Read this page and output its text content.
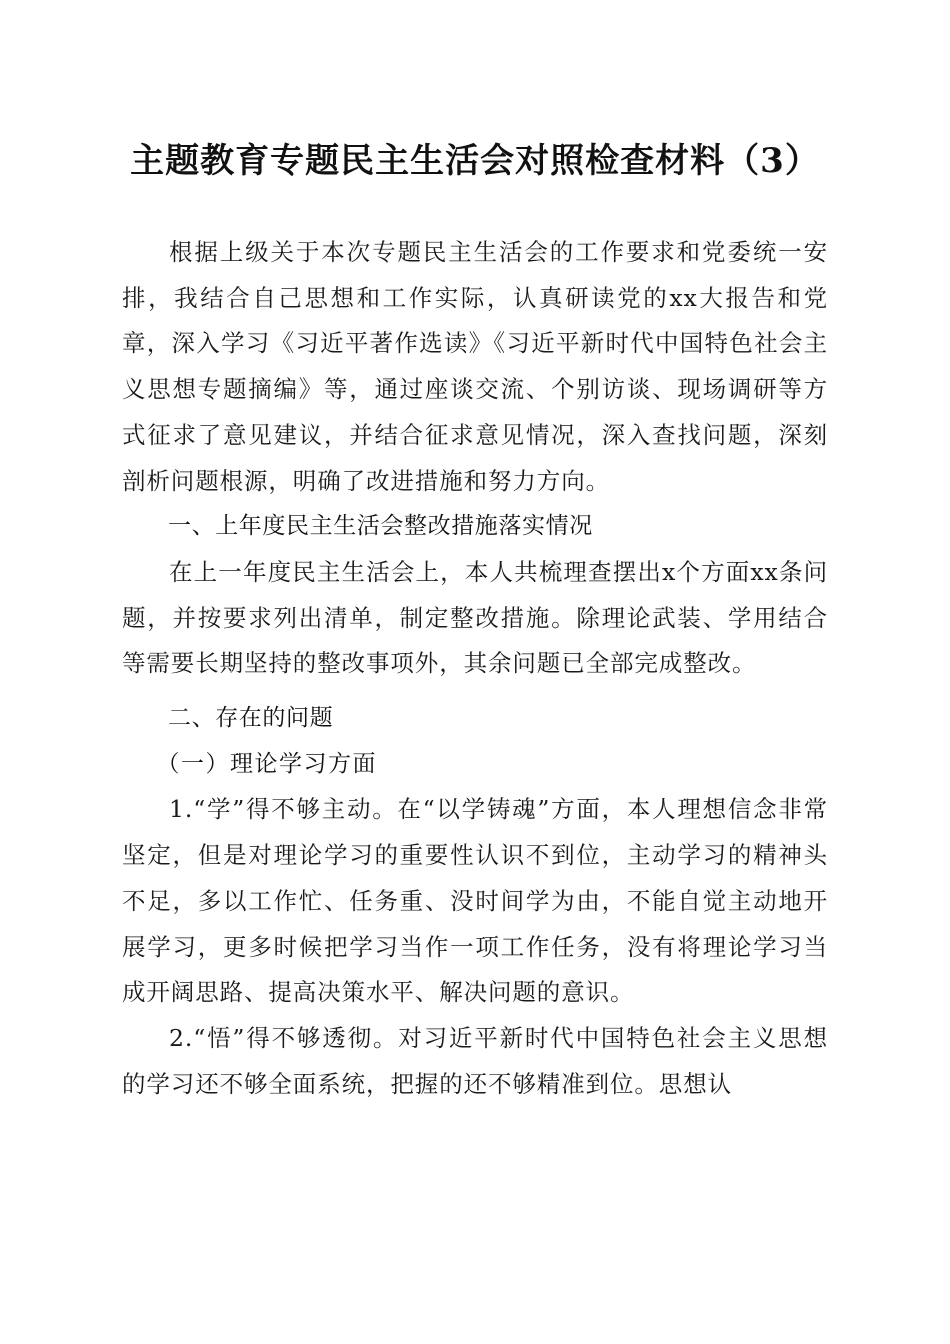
主题教育专题民主生活会对照检查材料（3）

根据上级关于本次专题民主生活会的工作要求和党委统一安排，我结合自己思想和工作实际，认真研读党的xx大报告和党章，深入学习《习近平著作选读》《习近平新时代中国特色社会主义思想专题摘编》等，通过座谈交流、个别访谈、现场调研等方式征求了意见建议，并结合征求意见情况，深入查找问题，深刻剖析问题根源，明确了改进措施和努力方向。

一、上年度民主生活会整改措施落实情况

在上一年度民主生活会上，本人共梳理查摆出x个方面xx条问题，并按要求列出清单，制定整改措施。除理论武装、学用结合等需要长期坚持的整改事项外，其余问题已全部完成整改。

二、存在的问题

（一）理论学习方面

1.“学”得不够主动。在“以学铸魂”方面，本人理想信念非常坚定，但是对理论学习的重要性认识不到位，主动学习的精神头不足，多以工作忙、任务重、没时间学为由，不能自觉主动地开展学习，更多时候把学习当作一项工作任务，没有将理论学习当成开阔思路、提高决策水平、解决问题的意识。

2.“悟”得不够透彻。对习近平新时代中国特色社会主义思想的学习还不够全面系统，把握的还不够精准到位。思想认
